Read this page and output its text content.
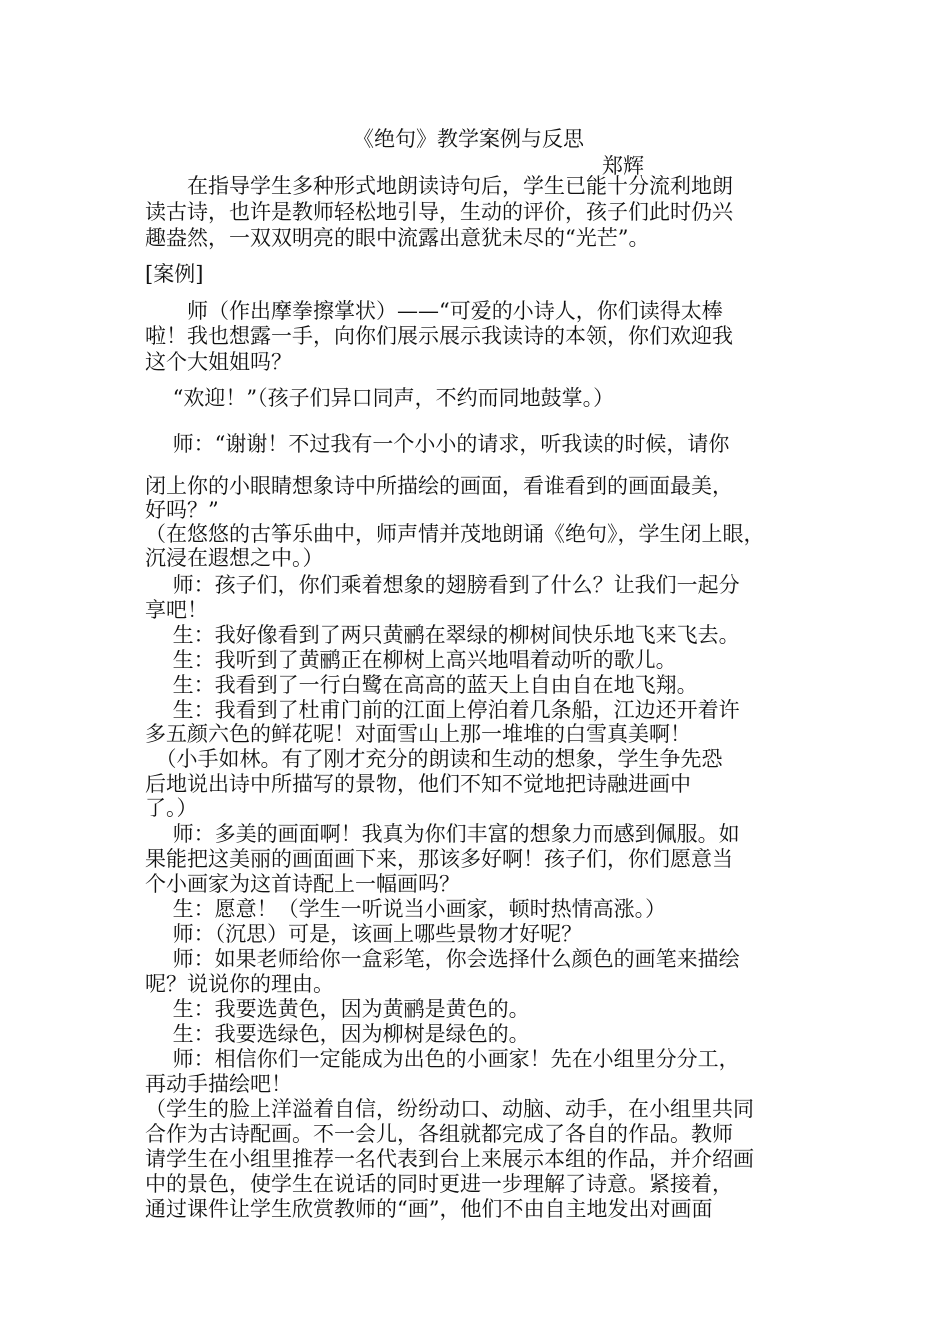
《绝句》教学案例与反思
郑辉
　　在指导学生多种形式地朗读诗句后，学生已能十分流利地朗
读古诗，也许是教师轻松地引导，生动的评价，孩子们此时仍兴
趣盎然，一双双明亮的眼中流露出意犹未尽的“光芒”。
[案例]
　　师（作出摩拳擦掌状）——“可爱的小诗人，你们读得太棒
啦！我也想露一手，向你们展示展示我读诗的本领，你们欢迎我
这个大姐姐吗？
　 “欢迎！”（孩子们异口同声，不约而同地鼓掌。）
　 师：“谢谢！不过我有一个小小的请求，听我读的时候，请你
闭上你的小眼睛想象诗中所描绘的画面，看谁看到的画面最美，
好吗？”
（在悠悠的古筝乐曲中，师声情并茂地朗诵《绝句》，学生闭上眼，
沉浸在遐想之中。）
　 师：孩子们，你们乘着想象的翅膀看到了什么？让我们一起分
享吧！
　 生：我好像看到了两只黄鹂在翠绿的柳树间快乐地飞来飞去。
　 生：我听到了黄鹂正在柳树上高兴地唱着动听的歌儿。
　 生：我看到了一行白鹭在高高的蓝天上自由自在地飞翔。
　 生：我看到了杜甫门前的江面上停泊着几条船，江边还开着许
多五颜六色的鲜花呢！对面雪山上那一堆堆的白雪真美啊！
　（小手如林。有了刚才充分的朗读和生动的想象，学生争先恐
后地说出诗中所描写的景物，他们不知不觉地把诗融进画中
了。）
　 师：多美的画面啊！我真为你们丰富的想象力而感到佩服。如
果能把这美丽的画面画下来，那该多好啊！孩子们，你们愿意当
个小画家为这首诗配上一幅画吗？
　 生：愿意！（学生一听说当小画家，顿时热情高涨。）
　 师：（沉思）可是，该画上哪些景物才好呢？
　 师：如果老师给你一盒彩笔，你会选择什么颜色的画笔来描绘
呢？说说你的理由。
　 生：我要选黄色，因为黄鹂是黄色的。
　 生：我要选绿色，因为柳树是绿色的。
　 师：相信你们一定能成为出色的小画家！先在小组里分分工，
再动手描绘吧！
（学生的脸上洋溢着自信，纷纷动口、动脑、动手，在小组里共同
合作为古诗配画。不一会儿，各组就都完成了各自的作品。教师
请学生在小组里推荐一名代表到台上来展示本组的作品，并介绍画
中的景色，使学生在说话的同时更进一步理解了诗意。紧接着，
通过课件让学生欣赏教师的“画”，他们不由自主地发出对画面
